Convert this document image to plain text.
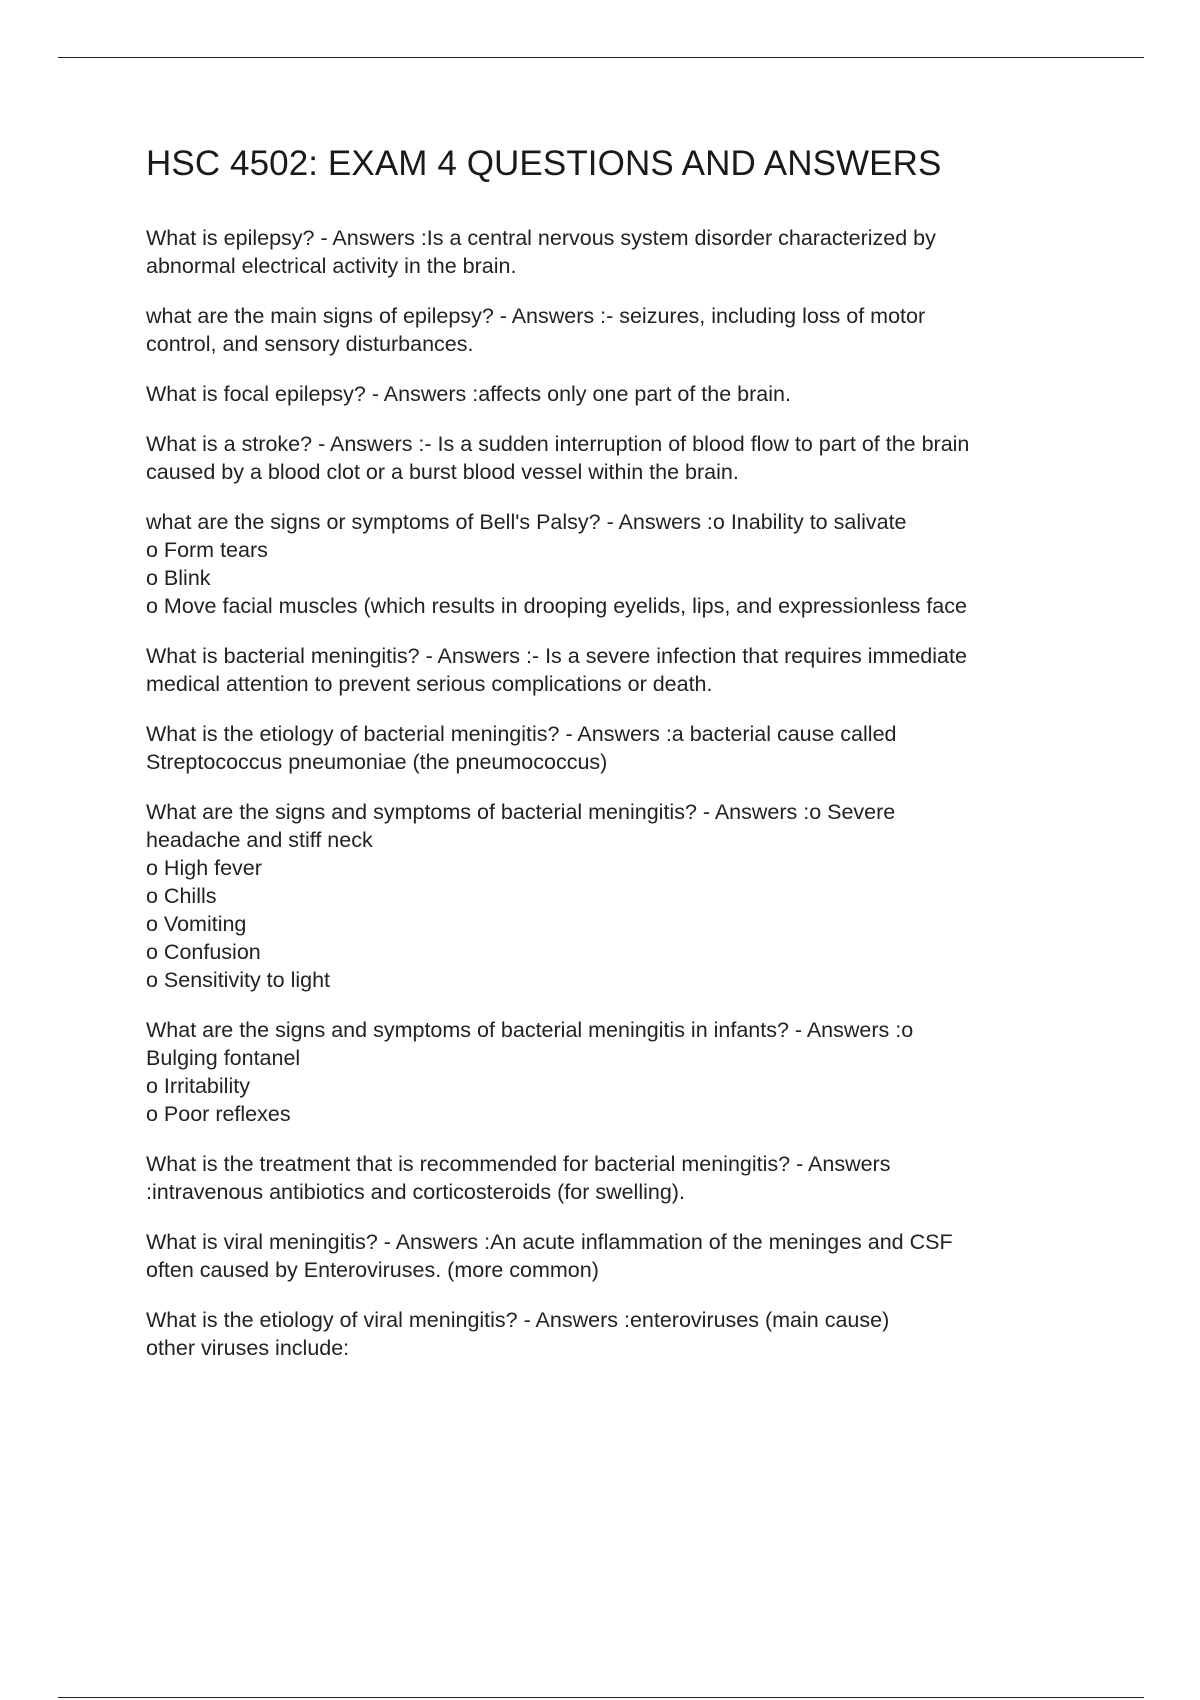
HSC 4502: EXAM 4 QUESTIONS AND ANSWERS
What is epilepsy? - Answers :Is a central nervous system disorder characterized by
abnormal electrical activity in the brain.
what are the main signs of epilepsy? - Answers :- seizures, including loss of motor
control, and sensory disturbances.
What is focal epilepsy? - Answers :affects only one part of the brain.
What is a stroke? - Answers :- Is a sudden interruption of blood flow to part of the brain
caused by a blood clot or a burst blood vessel within the brain.
what are the signs or symptoms of Bell's Palsy? - Answers :o Inability to salivate
o Form tears
o Blink
o Move facial muscles (which results in drooping eyelids, lips, and expressionless face
What is bacterial meningitis? - Answers :- Is a severe infection that requires immediate
medical attention to prevent serious complications or death.
What is the etiology of bacterial meningitis? - Answers :a bacterial cause called
Streptococcus pneumoniae (the pneumococcus)
What are the signs and symptoms of bacterial meningitis? - Answers :o Severe
headache and stiff neck
o High fever
o Chills
o Vomiting
o Confusion
o Sensitivity to light
What are the signs and symptoms of bacterial meningitis in infants? - Answers :o
Bulging fontanel
o Irritability
o Poor reflexes
What is the treatment that is recommended for bacterial meningitis? - Answers
:intravenous antibiotics and corticosteroids (for swelling).
What is viral meningitis? - Answers :An acute inflammation of the meninges and CSF
often caused by Enteroviruses. (more common)
What is the etiology of viral meningitis? - Answers :enteroviruses (main cause)
other viruses include:
